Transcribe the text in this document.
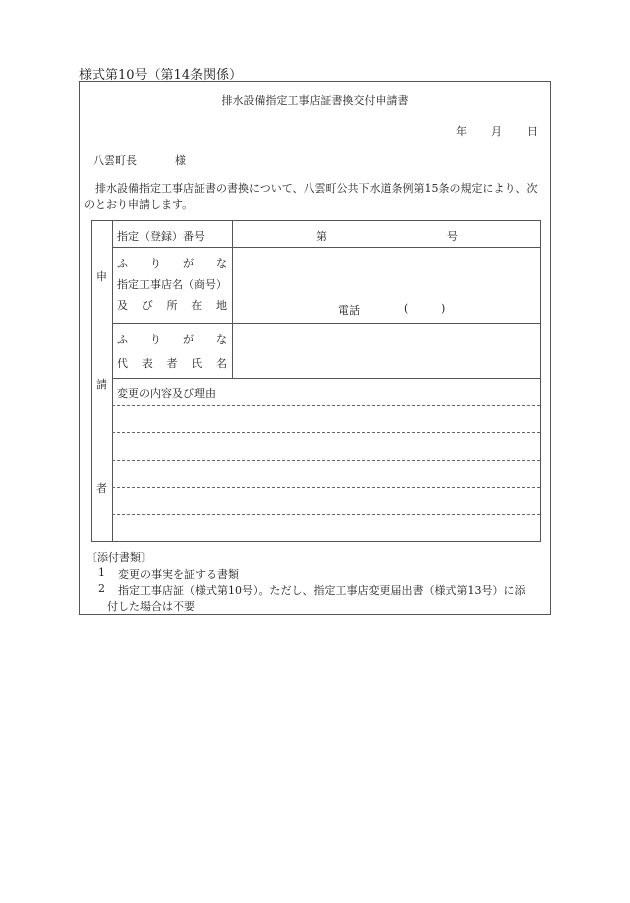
様式第10号（第14条関係）
排水設備指定工事店証書換交付申請書
年 月 日
八雲町長	様
排水設備指定工事店証書の書換について、八雲町公共下水道条例第15条の規定により、次のとおり申請します。
申
請
者
指定（登録）番号	第	号
ふ り が な
指定工事店名（商号）
及 び 所 在 地	電話	(	)
ふ り が な
代 表 者 氏 名
変更の内容及び理由
〔添付書類〕
1 変更の事実を証する書類
2 指定工事店証（様式第10号）。ただし、指定工事店変更届出書（様式第13号）に添
付した場合は不要
